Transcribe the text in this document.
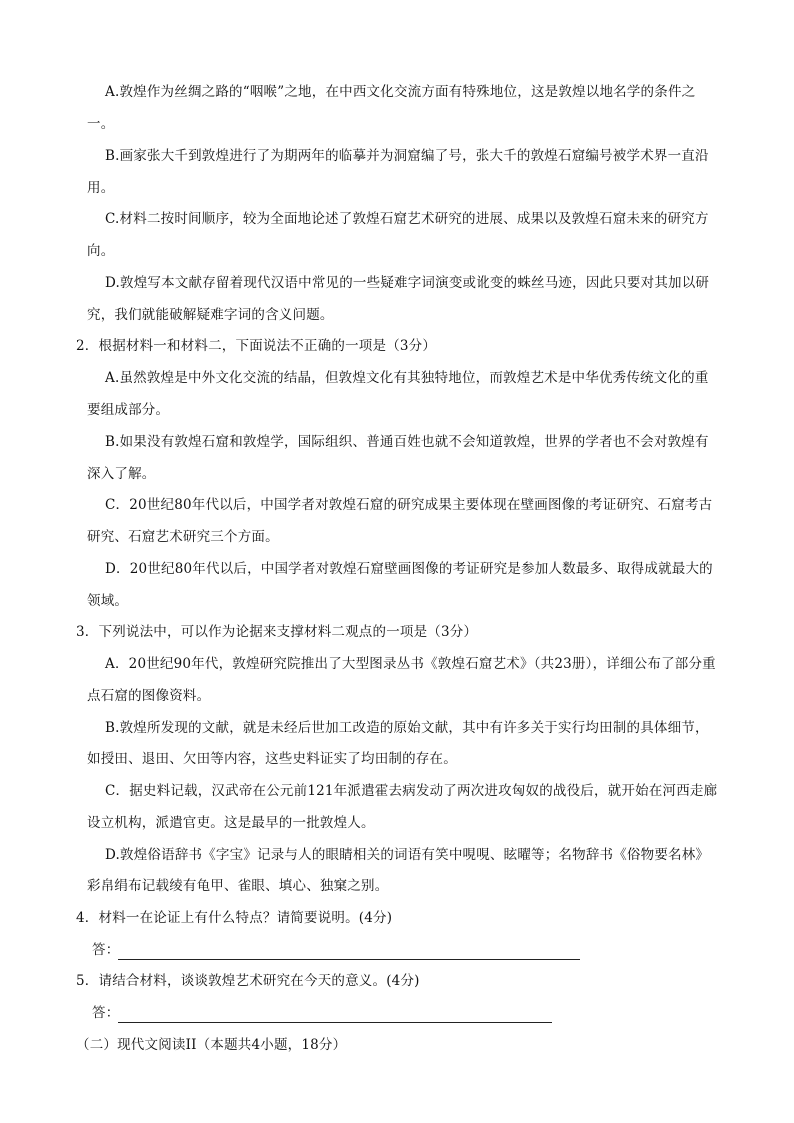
A.敦煌作为丝绸之路的“咽喉”之地，在中西文化交流方面有特殊地位，这是敦煌以地名学的条件之
一。
B.画家张大千到敦煌进行了为期两年的临摹并为洞窟编了号，张大千的敦煌石窟编号被学术界一直沿
用。
C.材料二按时间顺序，较为全面地论述了敦煌石窟艺术研究的进展、成果以及敦煌石窟未来的研究方
向。
D.敦煌写本文献存留着现代汉语中常见的一些疑难字词演变或讹变的蛛丝马迹，因此只要对其加以研
究，我们就能破解疑难字词的含义问题。
2．根据材料一和材料二，下面说法不正确的一项是（3分）
A.虽然敦煌是中外文化交流的结晶，但敦煌文化有其独特地位，而敦煌艺术是中华优秀传统文化的重
要组成部分。
B.如果没有敦煌石窟和敦煌学，国际组织、普通百姓也就不会知道敦煌，世界的学者也不会对敦煌有
深入了解。
C．20世纪80年代以后，中国学者对敦煌石窟的研究成果主要体现在壁画图像的考证研究、石窟考古
研究、石窟艺术研究三个方面。
D．20世纪80年代以后，中国学者对敦煌石窟壁画图像的考证研究是参加人数最多、取得成就最大的
领域。
3．下列说法中，可以作为论据来支撑材料二观点的一项是（3分）
A．20世纪90年代，敦煌研究院推出了大型图录丛书《敦煌石窟艺术》（共23册），详细公布了部分重
点石窟的图像资料。
B.敦煌所发现的文献，就是未经后世加工改造的原始文献，其中有许多关于实行均田制的具体细节，
如授田、退田、欠田等内容，这些史料证实了均田制的存在。
C．据史料记载，汉武帝在公元前121年派遣霍去病发动了两次进攻匈奴的战役后，就开始在河西走廊
设立机构，派遣官吏。这是最早的一批敦煌人。
D.敦煌俗语辞书《字宝》记录与人的眼睛相关的词语有笑中哯哯、眩曜等；名物辞书《俗物要名林》
彩帛绢布记载绫有龟甲、雀眼、填心、独窠之别。
4．材料一在论证上有什么特点？请简要说明。(4分)
答：
5．请结合材料，谈谈敦煌艺术研究在今天的意义。(4分)
答：
（二）现代文阅读II（本题共4小题，18分）
